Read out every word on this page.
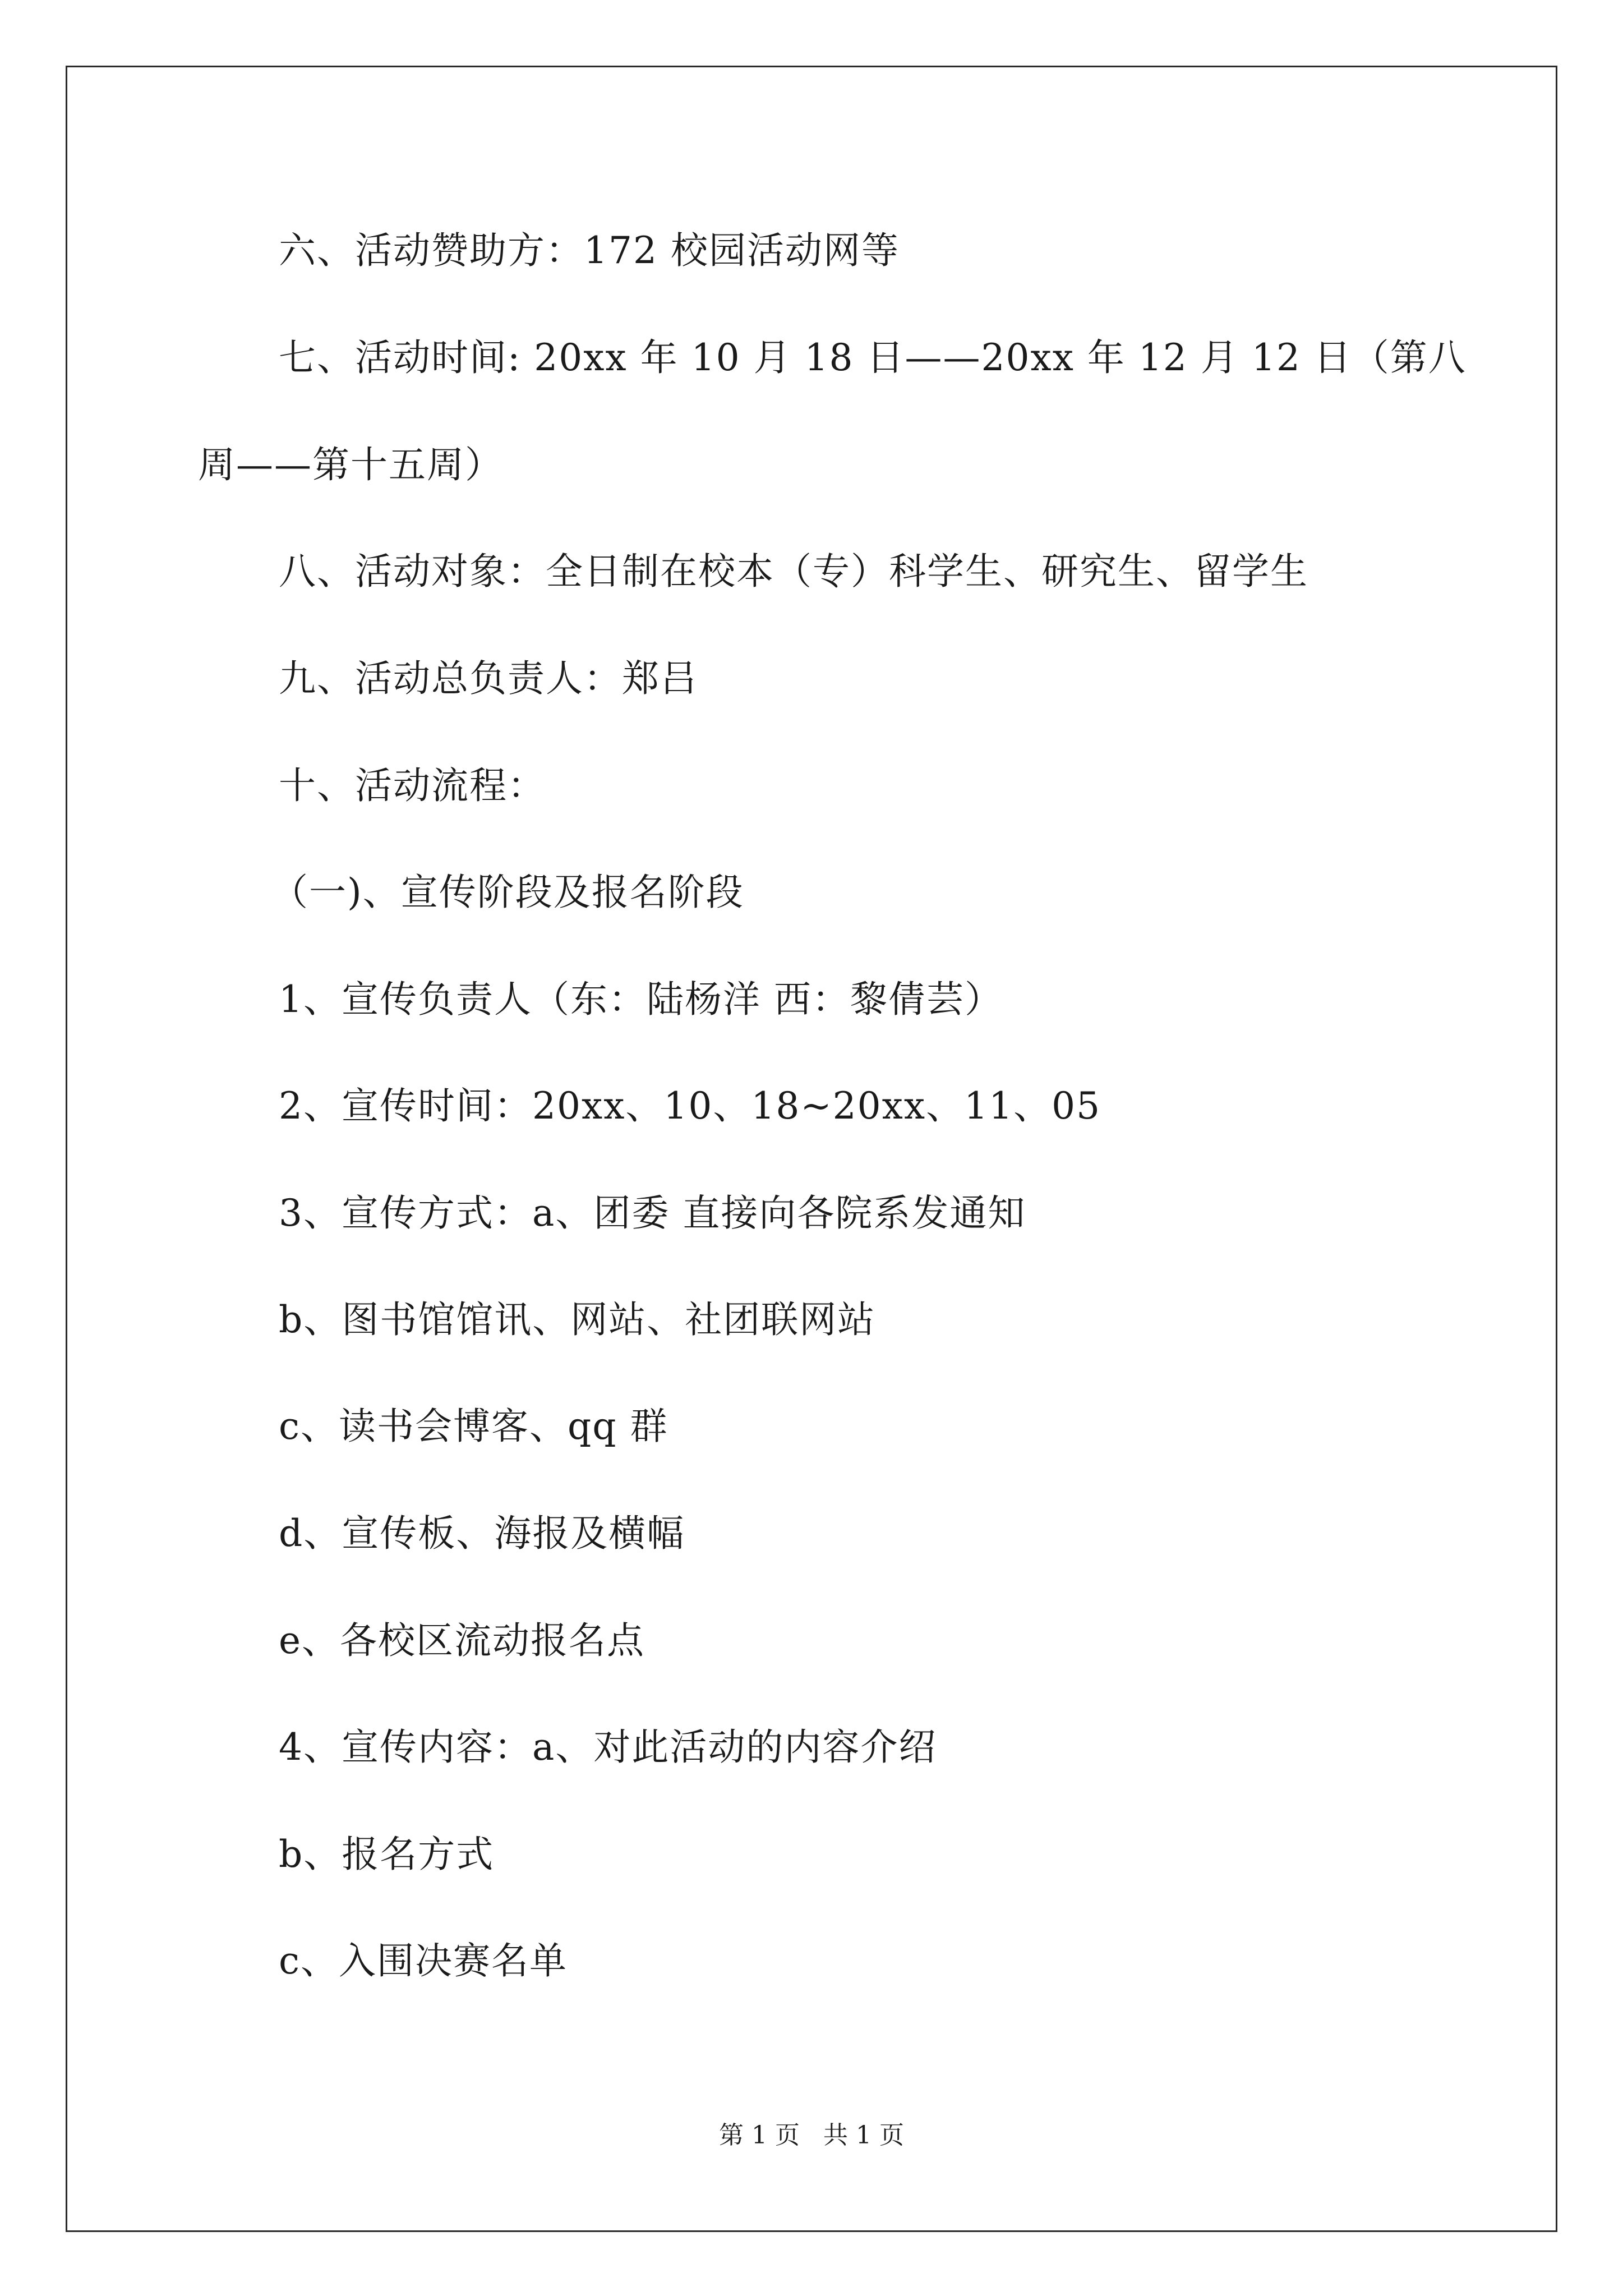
六、活动赞助方：172 校园活动网等
七、活动时间: 20xx 年 10 月 18 日——20xx 年 12 月 12 日（第八
周——第十五周）
八、活动对象：全日制在校本（专）科学生、研究生、留学生
九、活动总负责人：郑吕
十、活动流程：
（一)、宣传阶段及报名阶段
1、宣传负责人（东：陆杨洋 西：黎倩芸）
2、宣传时间：20xx、10、18~20xx、11、05
3、宣传方式：a、团委 直接向各院系发通知
b、图书馆馆讯、网站、社团联网站
c、读书会博客、qq 群
d、宣传板、海报及横幅
e、各校区流动报名点
4、宣传内容：a、对此活动的内容介绍
b、报名方式
c、入围决赛名单
第 1 页 共 1 页
